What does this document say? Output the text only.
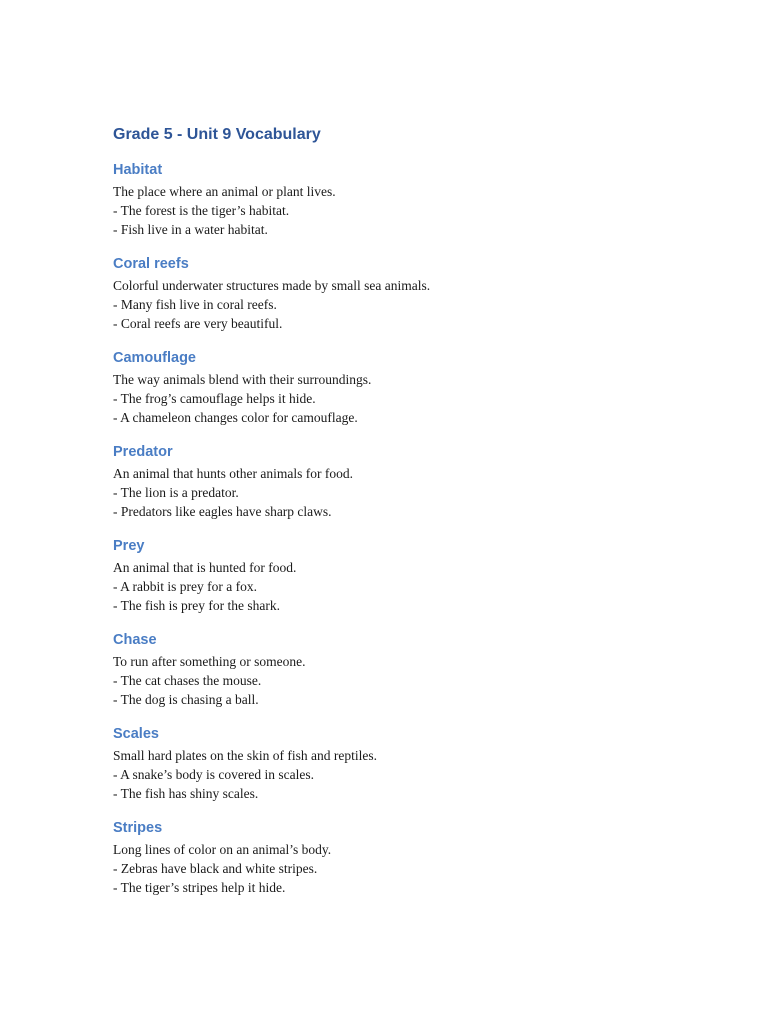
Grade 5 - Unit 9 Vocabulary
Habitat

The place where an animal or plant lives.

- The forest is the tiger’s habitat.

- Fish live in a water habitat.

Coral reefs

Colorful underwater structures made by small sea animals.

- Many fish live in coral reefs.

- Coral reefs are very beautiful.

Camouflage

The way animals blend with their surroundings.

- The frog’s camouflage helps it hide.

- A chameleon changes color for camouflage.

Predator

An animal that hunts other animals for food.

- The lion is a predator.

- Predators like eagles have sharp claws.

Prey

An animal that is hunted for food.

- A rabbit is prey for a fox.

- The fish is prey for the shark.

Chase

To run after something or someone.

- The cat chases the mouse.

- The dog is chasing a ball.

Scales

Small hard plates on the skin of fish and reptiles.

- A snake’s body is covered in scales.

- The fish has shiny scales.

Stripes

Long lines of color on an animal’s body.

- Zebras have black and white stripes.

- The tiger’s stripes help it hide.
